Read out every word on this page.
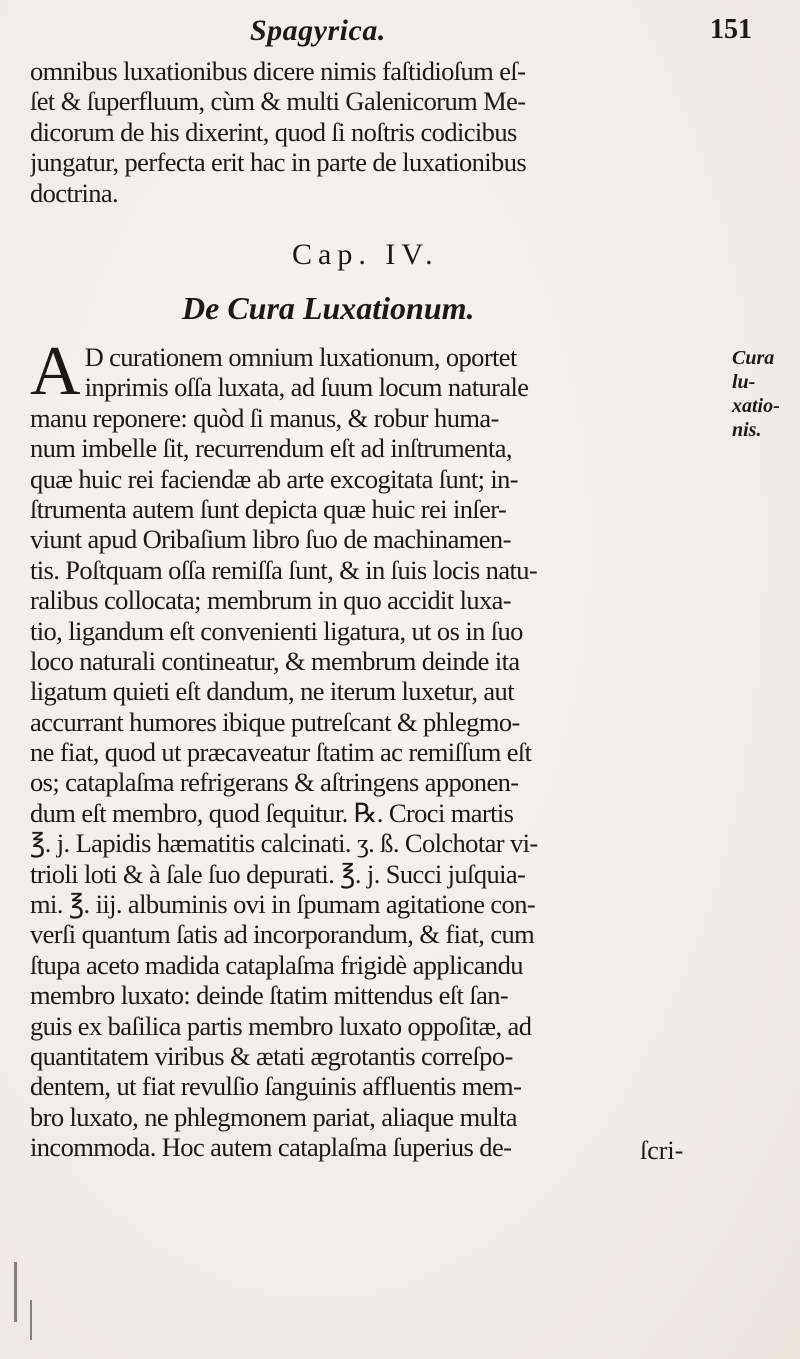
Spagyrica.	151
omnibus luxationibus dicere nimis faſtidioſum eſ-
ſet & ſuperfluum, cùm & multi Galenicorum Me-
dicorum de his dixerint, quod ſi noſtris codicibus
jungatur, perfecta erit hac in parte de luxationibus
doctrina.
Cap. IV.
De Cura Luxationum.
A D curationem omnium luxationum, oportet
inprimis oſſa luxata, ad ſuum locum naturale
manu reponere: quòd ſi manus, & robur huma-
num imbelle ſit, recurrendum eſt ad inſtrumenta,
quæ huic rei faciendæ ab arte excogitata ſunt; in-
ſtrumenta autem ſunt depicta quæ huic rei inſer-
viunt apud Oribaſium libro ſuo de machinamen-
tis. Poſtquam oſſa remiſſa ſunt, & in ſuis locis natu-
ralibus collocata; membrum in quo accidit luxa-
tio, ligandum eſt convenienti ligatura, ut os in ſuo
loco naturali contineatur, & membrum deinde ita
ligatum quieti eſt dandum, ne iterum luxetur, aut
accurrant humores ibique putreſcant & phlegmo-
ne fiat, quod ut præcaveatur ſtatim ac remiſſum eſt
os; cataplaſma refrigerans & aſtringens apponen-
dum eſt membro, quod ſequitur. ℞. Croci martis
℥. j. Lapidis hæmatitis calcinati. ʒ. ß. Colchotar vi-
trioli loti & à ſale ſuo depurati. ℥. j. Succi juſquia-
mi. ℥. iij. albuminis ovi in ſpumam agitatione con-
verſi quantum ſatis ad incorporandum, & fiat, cum
ſtupa aceto madida cataplaſma frigidè applicandu
membro luxato: deinde ſtatim mittendus eſt ſan-
guis ex baſilica partis membro luxato oppoſitæ, ad
quantitatem viribus & ætati ægrotantis correſpo-
dentem, ut fiat revulſio ſanguinis affluentis mem-
bro luxato, ne phlegmonem pariat, aliaque multa
incommoda. Hoc autem cataplaſma ſuperius de-
Cura lu-
xatio-
nis.
ſcri-
